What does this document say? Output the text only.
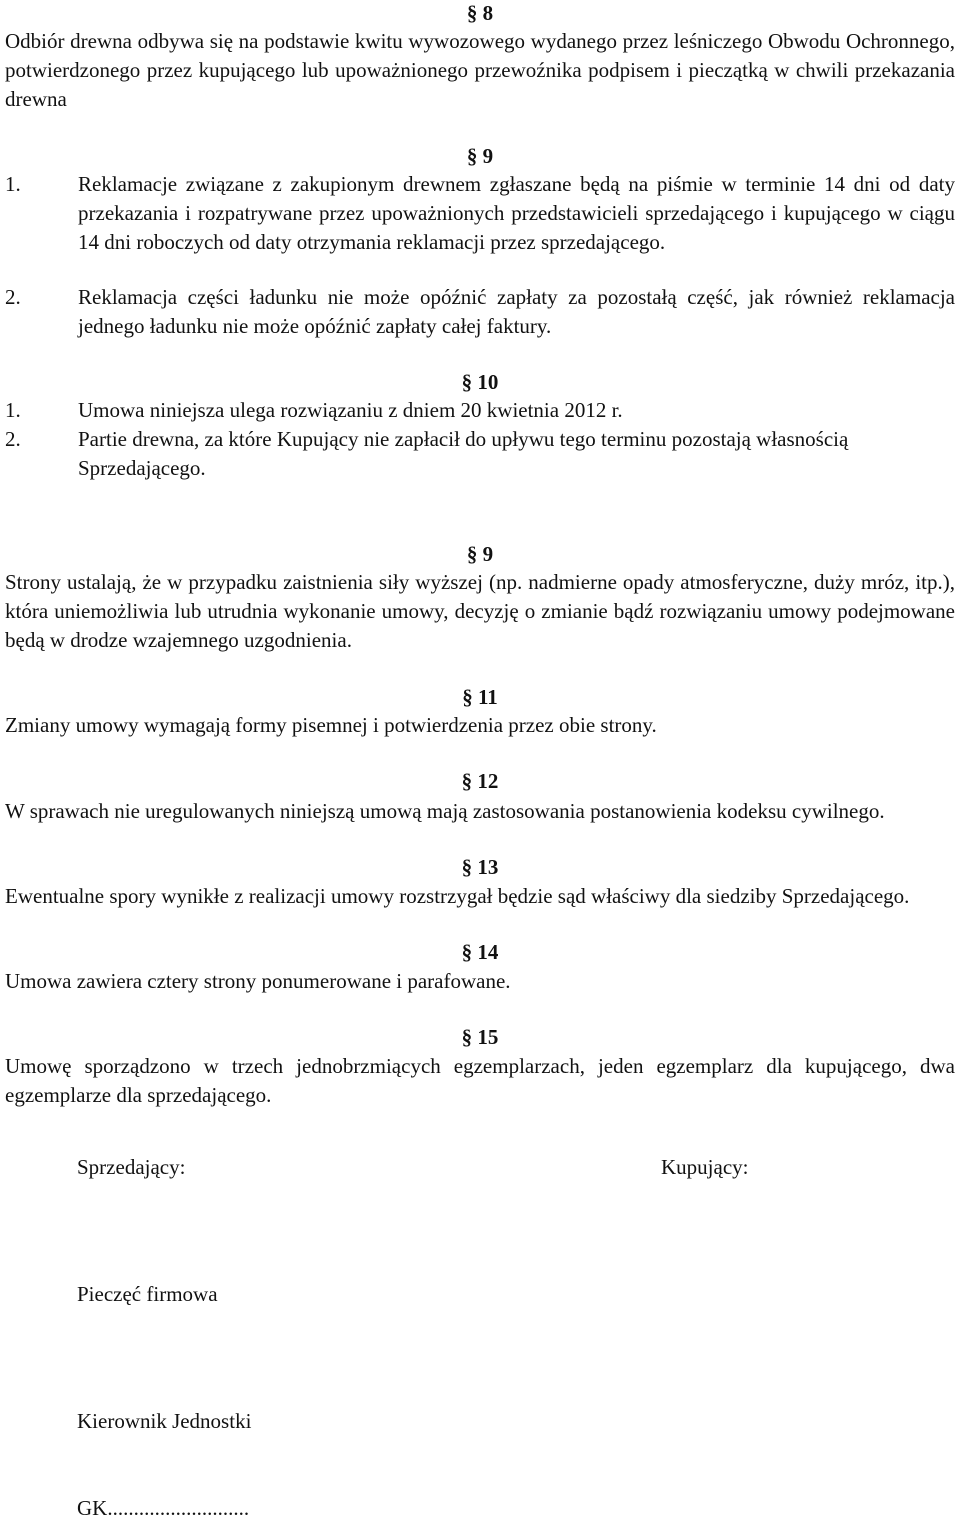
§ 8
Odbiór drewna odbywa się na podstawie kwitu wywozowego wydanego przez leśniczego Obwodu Ochronnego, potwierdzonego przez kupującego lub upoważnionego przewoźnika podpisem i pieczątką w chwili przekazania drewna
§ 9
1.	Reklamacje związane z zakupionym drewnem zgłaszane będą na piśmie w terminie 14 dni od daty przekazania i rozpatrywane przez upoważnionych przedstawicieli sprzedającego i kupującego w ciągu 14 dni roboczych od daty otrzymania reklamacji przez sprzedającego.
2.	Reklamacja części ładunku nie może opóźnić zapłaty za pozostałą część, jak również reklamacja jednego ładunku nie może opóźnić zapłaty całej faktury.
§ 10
1.	Umowa niniejsza ulega rozwiązaniu z dniem 20 kwietnia 2012 r.
2.	Partie drewna, za które Kupujący nie zapłacił do upływu tego terminu pozostają własnością Sprzedającego.
§ 9
Strony ustalają, że w przypadku zaistnienia siły wyższej (np. nadmierne opady atmosferyczne, duży mróz, itp.), która uniemożliwia lub utrudnia wykonanie umowy, decyzję o zmianie bądź rozwiązaniu umowy podejmowane będą w drodze wzajemnego uzgodnienia.
§ 11
Zmiany umowy wymagają formy pisemnej i potwierdzenia przez obie strony.
§ 12
W sprawach nie uregulowanych niniejszą umową mają zastosowania postanowienia kodeksu cywilnego.
§ 13
Ewentualne spory wynikłe z realizacji umowy rozstrzygał będzie sąd właściwy dla siedziby Sprzedającego.
§ 14
Umowa zawiera cztery strony ponumerowane i parafowane.
§ 15
Umowę sporządzono w trzech jednobrzmiących egzemplarzach, jeden egzemplarz dla kupującego, dwa egzemplarze dla sprzedającego.
Sprzedający:	Kupujący:
Pieczęć firmowa
Kierownik Jednostki
GK...........................
